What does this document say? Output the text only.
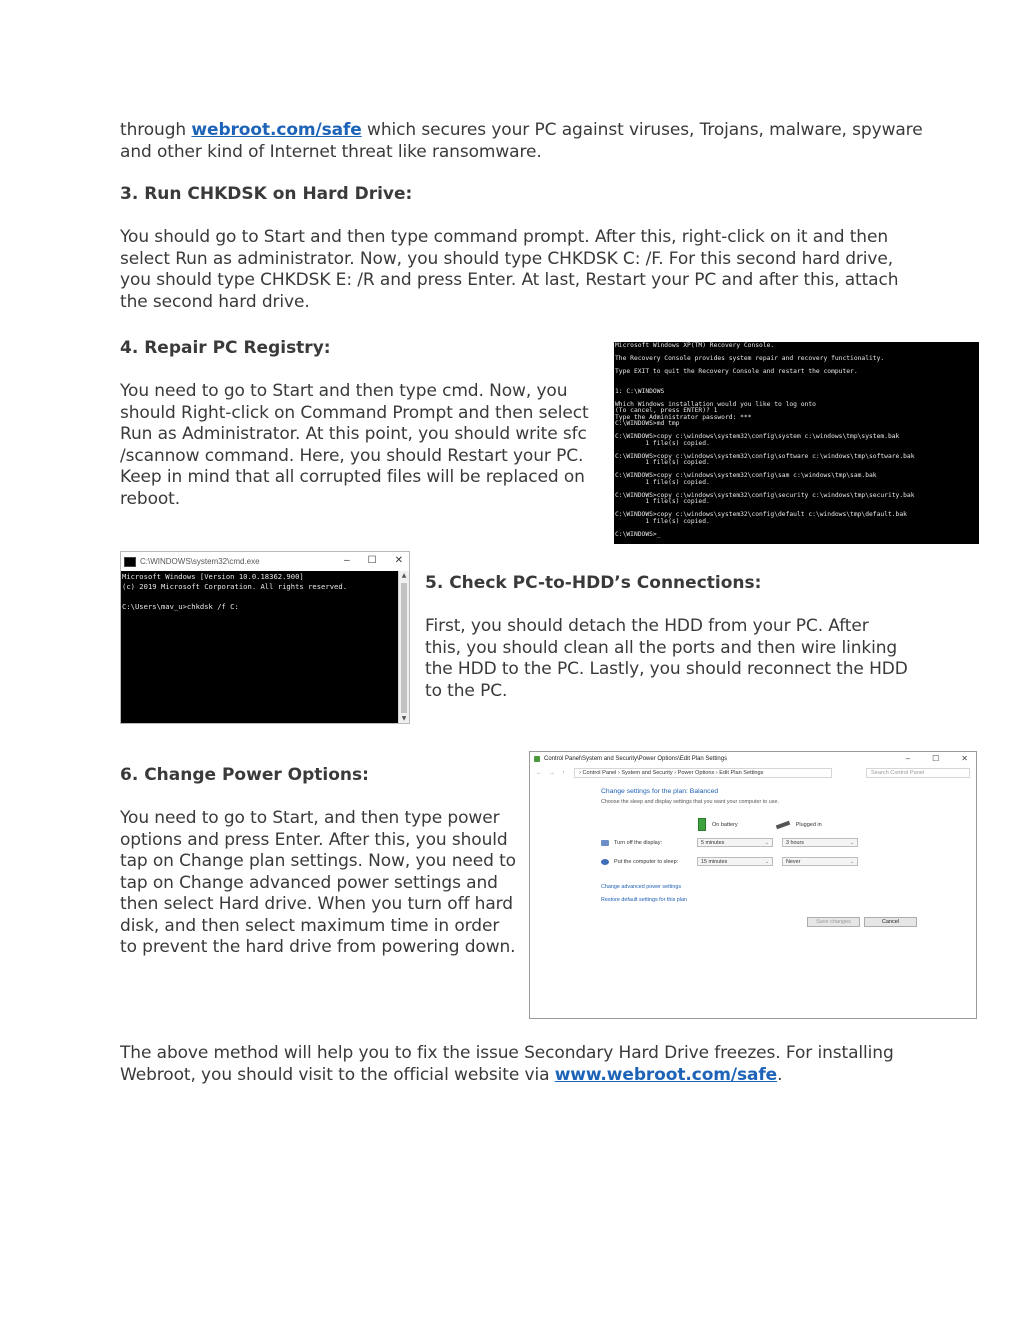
through webroot.com/safe which secures your PC against viruses, Trojans, malware, spyware
and other kind of Internet threat like ransomware.

3. Run CHKDSK on Hard Drive:

You should go to Start and then type command prompt. After this, right-click on it and then
select Run as administrator. Now, you should type CHKDSK C: /F. For this second hard drive,
you should type CHKDSK E: /R and press Enter. At last, Restart your PC and after this, attach
the second hard drive.

4. Repair PC Registry:

You need to go to Start and then type cmd. Now, you
should Right-click on Command Prompt and then select
Run as Administrator. At this point, you should write sfc
/scannow command. Here, you should Restart your PC.
Keep in mind that all corrupted files will be replaced on
reboot.

Microsoft Windows XP(TM) Recovery Console.
The Recovery Console provides system repair and recovery functionality.
Type EXIT to quit the Recovery Console and restart the computer.
1: C:\WINDOWS
Which Windows installation would you like to log onto
(To cancel, press ENTER)? 1
Type the Administrator password: ***
C:\WINDOWS>md tmp
C:\WINDOWS>copy c:\windows\system32\config\system c:\windows\tmp\system.bak
1 file(s) copied.
C:\WINDOWS>copy c:\windows\system32\config\software c:\windows\tmp\software.bak
1 file(s) copied.
C:\WINDOWS>copy c:\windows\system32\config\sam c:\windows\tmp\sam.bak
1 file(s) copied.
C:\WINDOWS>copy c:\windows\system32\config\security c:\windows\tmp\security.bak
1 file(s) copied.
C:\WINDOWS>copy c:\windows\system32\config\default c:\windows\tmp\default.bak
1 file(s) copied.
C:\WINDOWS>_
C:\WINDOWS\system32\cmd.exe	– ☐ ✕
Microsoft Windows [Version 10.0.18362.900]
(c) 2019 Microsoft Corporation. All rights reserved.
C:\Users\mav_u>chkdsk /f C:
▲
▼
5. Check PC-to-HDD’s Connections:

First, you should detach the HDD from your PC. After
this, you should clean all the ports and then wire linking
the HDD to the PC. Lastly, you should reconnect the HDD
to the PC.

6. Change Power Options:

You need to go to Start, and then type power
options and press Enter. After this, you should
tap on Change plan settings. Now, you need to
tap on Change advanced power settings and
then select Hard drive. When you turn off hard
disk, and then select maximum time in order
to prevent the hard drive from powering down.

Control Panel\System and Security\Power Options\Edit Plan Settings	–	☐	✕
← → ↑	› Control Panel › System and Security › Power Options › Edit Plan Settings	Search Control Panel

Change settings for the plan: Balanced

Choose the sleep and display settings that you want your computer to use.
On battery	Plugged in
Turn off the display:	5 minutes	⌄	3 hours	⌄
Put the computer to sleep:	15 minutes	⌄	Never	⌄
Change advanced power settings
Restore default settings for this plan
Save changes	Cancel

The above method will help you to fix the issue Secondary Hard Drive freezes. For installing
Webroot, you should visit to the official website via www.webroot.com/safe.
